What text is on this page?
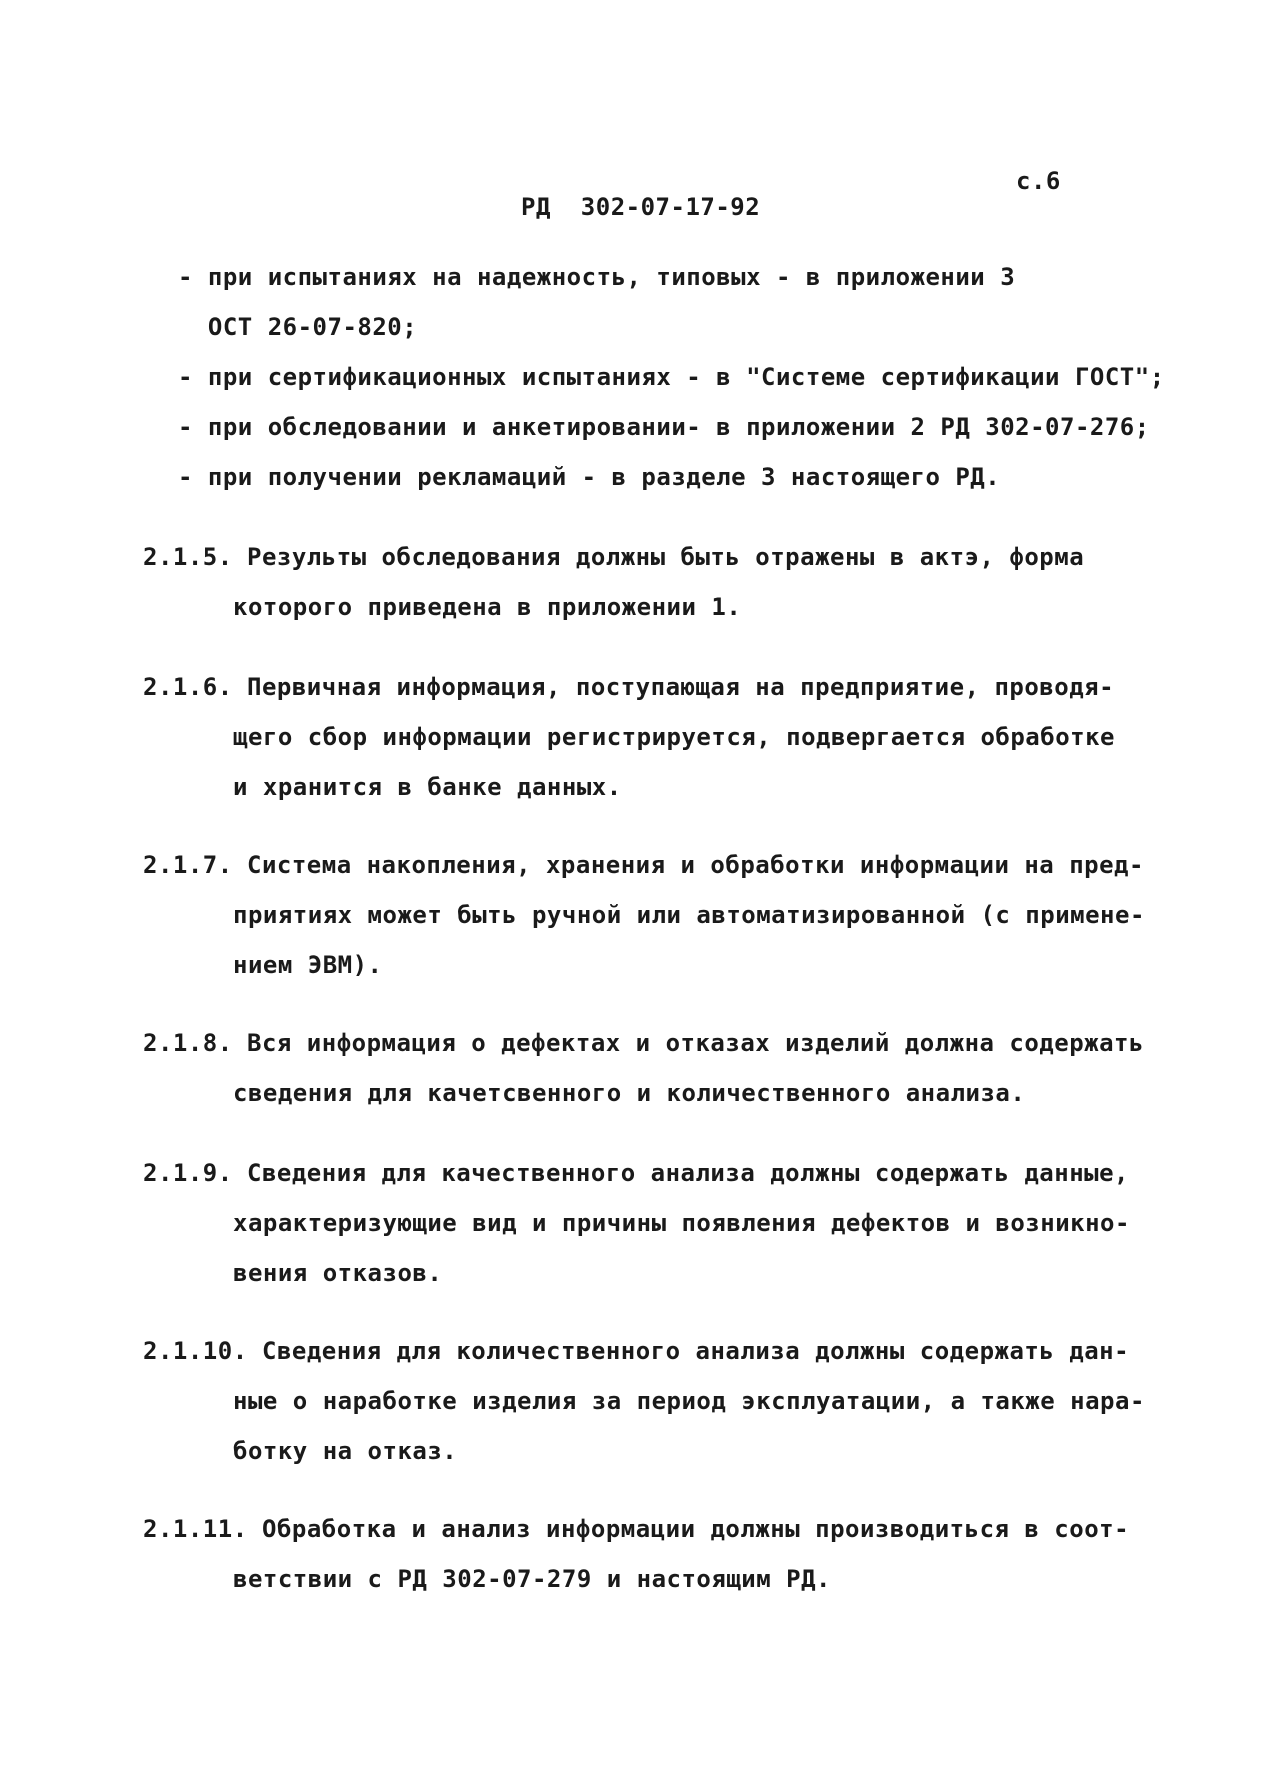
с.6
РД  302-07-17-92
- при испытаниях на надежность, типовых - в приложении 3
ОСТ 26-07-820;
- при сертификационных испытаниях - в "Системе сертификации ГОСТ";
- при обследовании и анкетировании- в приложении 2 РД 302-07-276;
- при получении рекламаций - в разделе 3 настоящего РД.
2.1.5. Результы обследования должны быть отражены в актэ, форма
которого приведена в приложении 1.
2.1.6. Первичная информация, поступающая на предприятие, проводя-
щего сбор информации регистрируется, подвергается обработке
и хранится в банке данных.
2.1.7. Система накопления, хранения и обработки информации на пред-
приятиях может быть ручной или автоматизированной (с примене-
нием ЭВМ).
2.1.8. Вся информация о дефектах и отказах изделий должна содержать
сведения для качетсвенного и количественного анализа.
2.1.9. Сведения для качественного анализа должны содержать данные,
характеризующие вид и причины появления дефектов и возникно-
вения отказов.
2.1.10. Сведения для количественного анализа должны содержать дан-
ные о наработке изделия за период эксплуатации, а также нара-
ботку на отказ.
2.1.11. Обработка и анализ информации должны производиться в соот-
ветствии с РД 302-07-279 и настоящим РД.
